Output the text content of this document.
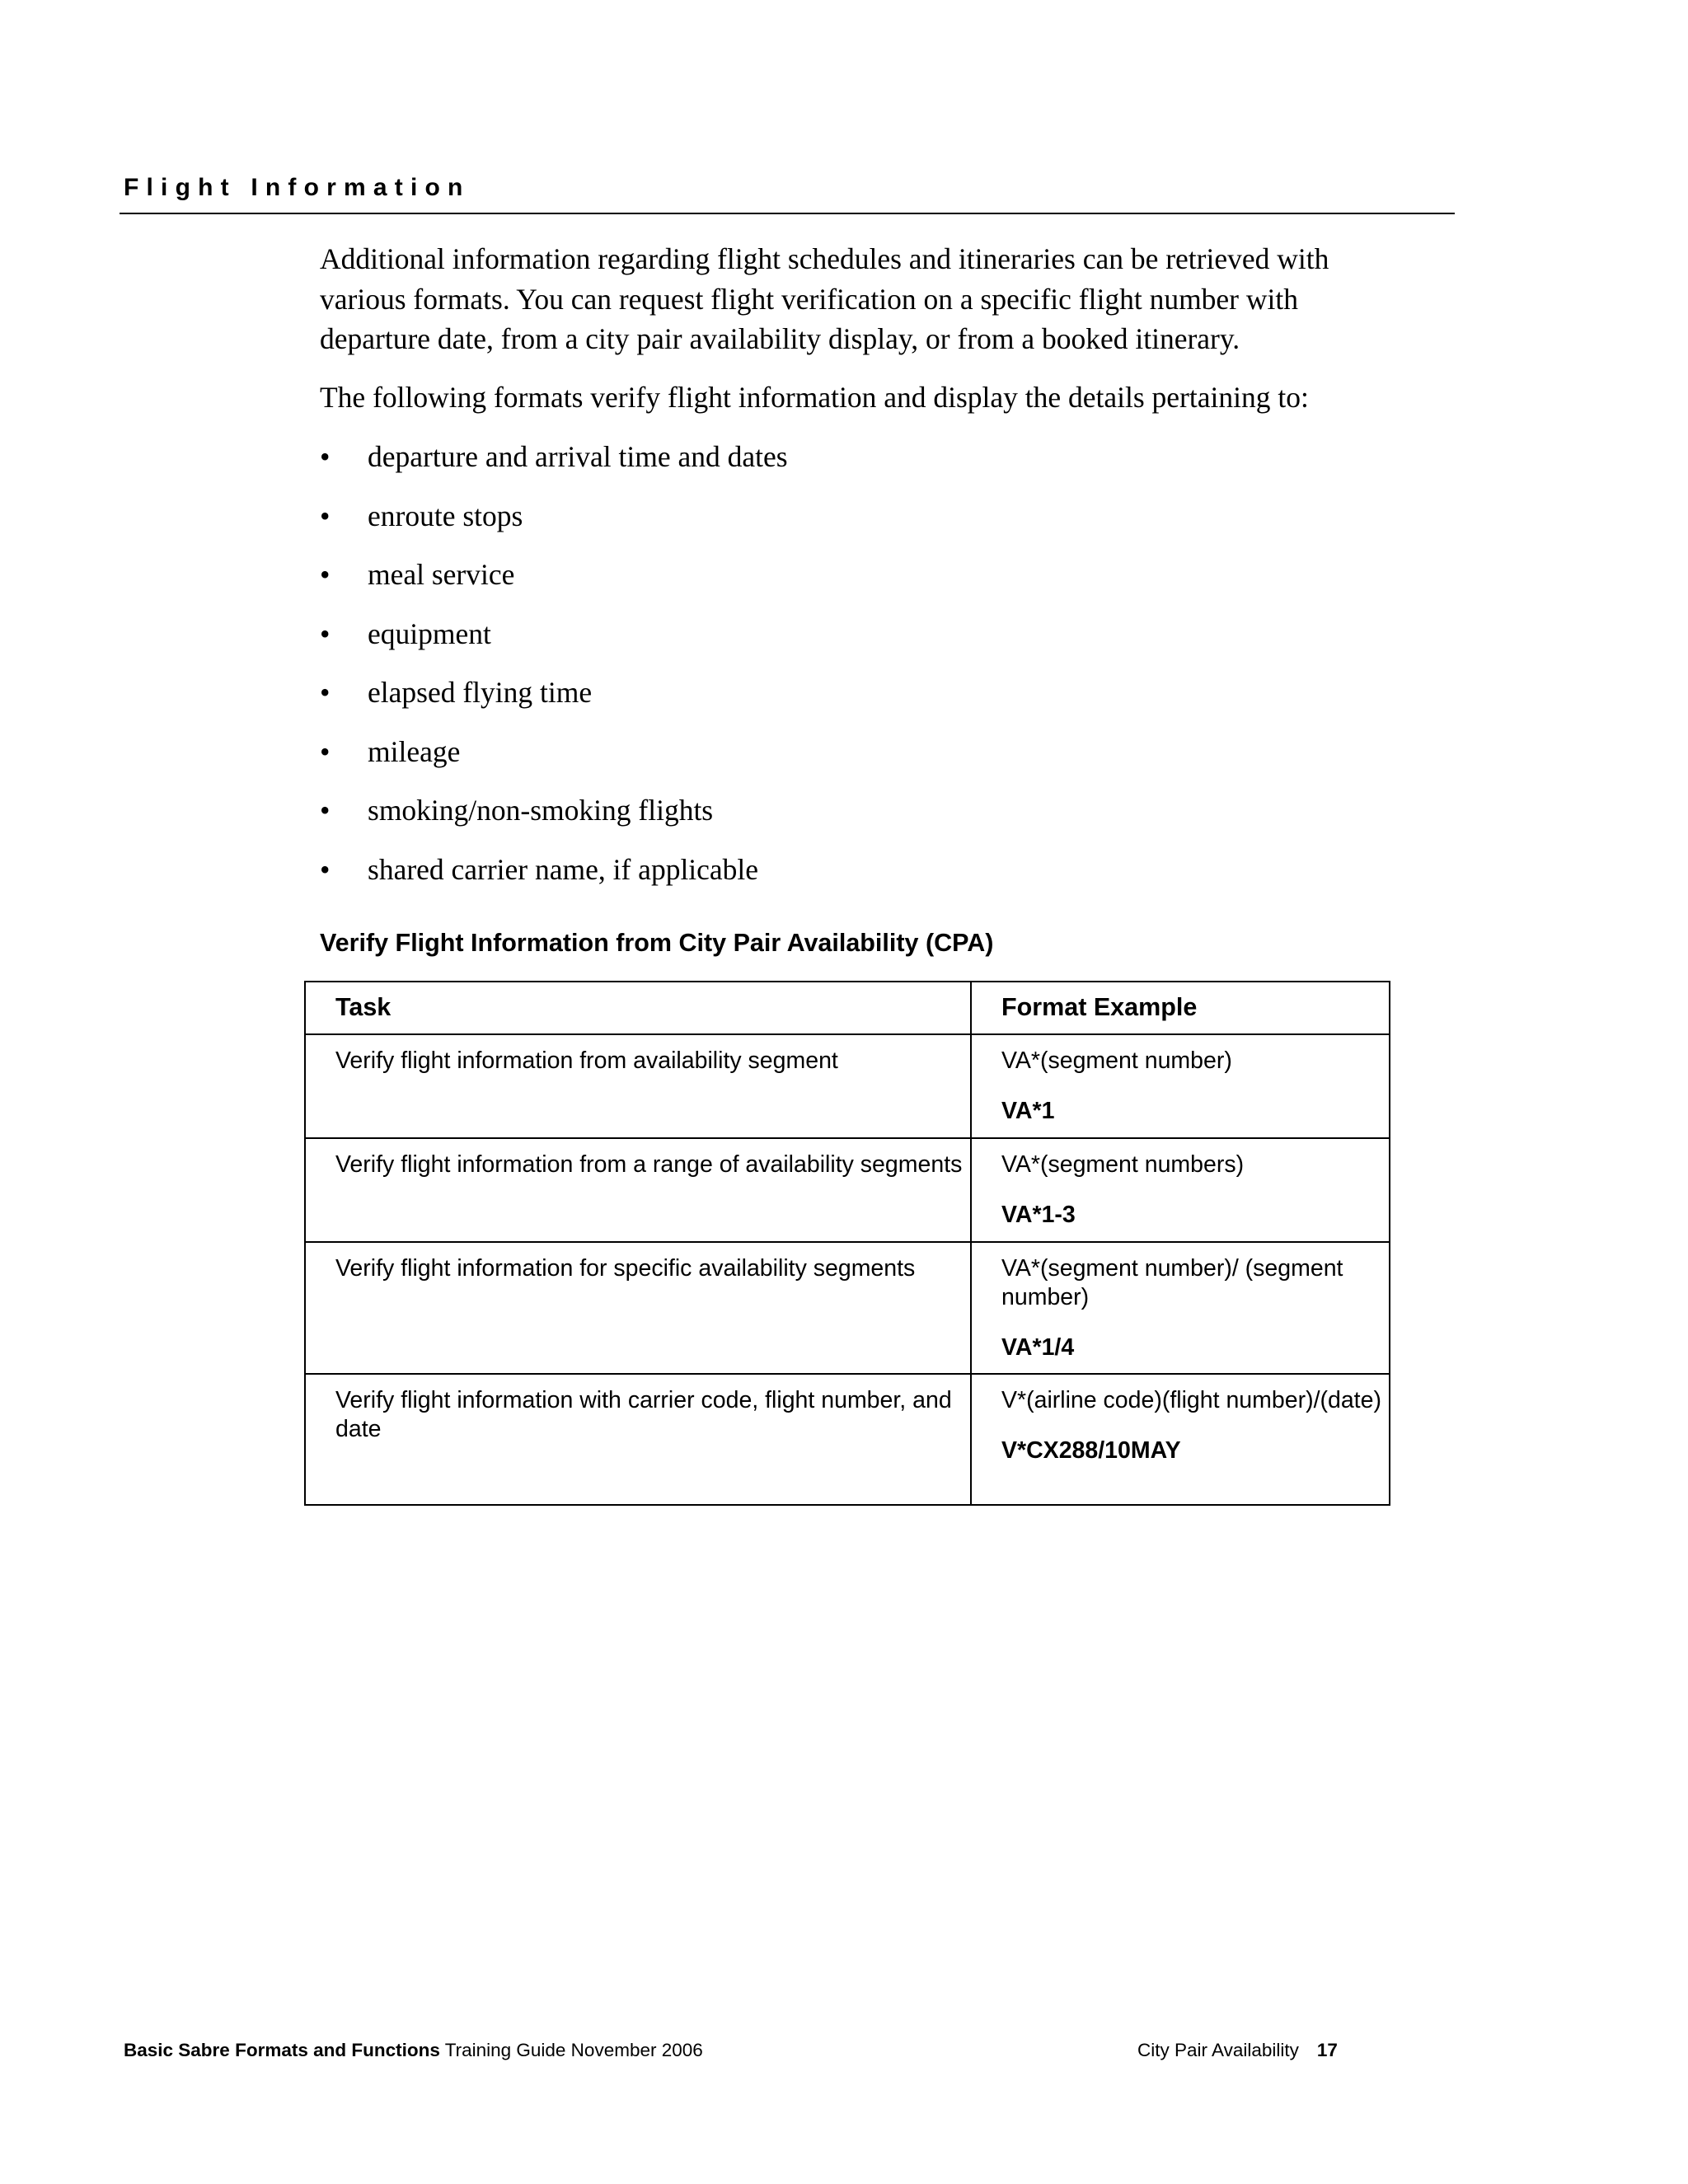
Flight Information

Additional information regarding flight schedules and itineraries can be retrieved with various formats. You can request flight verification on a specific flight number with departure date, from a city pair availability display, or from a booked itinerary.

The following formats verify flight information and display the details pertaining to:

• departure and arrival time and dates
• enroute stops
• meal service
• equipment
• elapsed flying time
• mileage
• smoking/non-smoking flights
• shared carrier name, if applicable
Verify Flight Information from City Pair Availability (CPA)
Task	Format Example
Verify flight information from availability segment	VA*(segment number)
VA*1

Verify flight information from a range of availability segments	VA*(segment numbers)
VA*1-3

Verify flight information for specific availability segments	VA*(segment number)/ (segment number)
VA*1/4

Verify flight information with carrier code, flight number, and date	V*(airline code)(flight number)/(date)
V*CX288/10MAY
Basic Sabre Formats and Functions Training Guide November 2006	City Pair Availability 17
